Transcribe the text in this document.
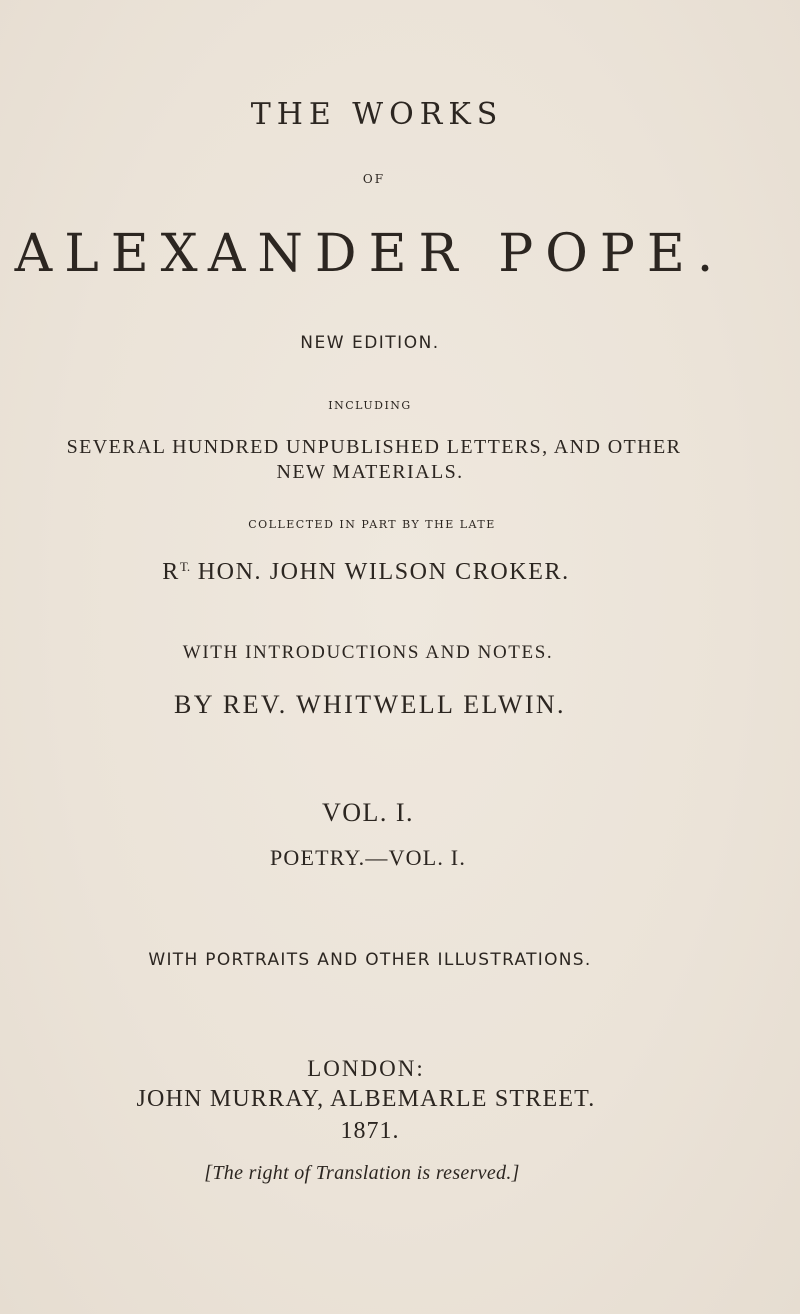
THE WORKS
OF
ALEXANDER POPE.
NEW EDITION.
INCLUDING
SEVERAL HUNDRED UNPUBLISHED LETTERS, AND OTHER
NEW MATERIALS.
COLLECTED IN PART BY THE LATE
$R^{T.}$ HON. JOHN WILSON CROKER.
WITH INTRODUCTIONS AND NOTES.
BY REV. WHITWELL ELWIN.
VOL. I.
POETRY.—VOL. I.
WITH PORTRAITS AND OTHER ILLUSTRATIONS.
LONDON:
JOHN MURRAY, ALBEMARLE STREET.
1871.
[The right of Translation is reserved.]
